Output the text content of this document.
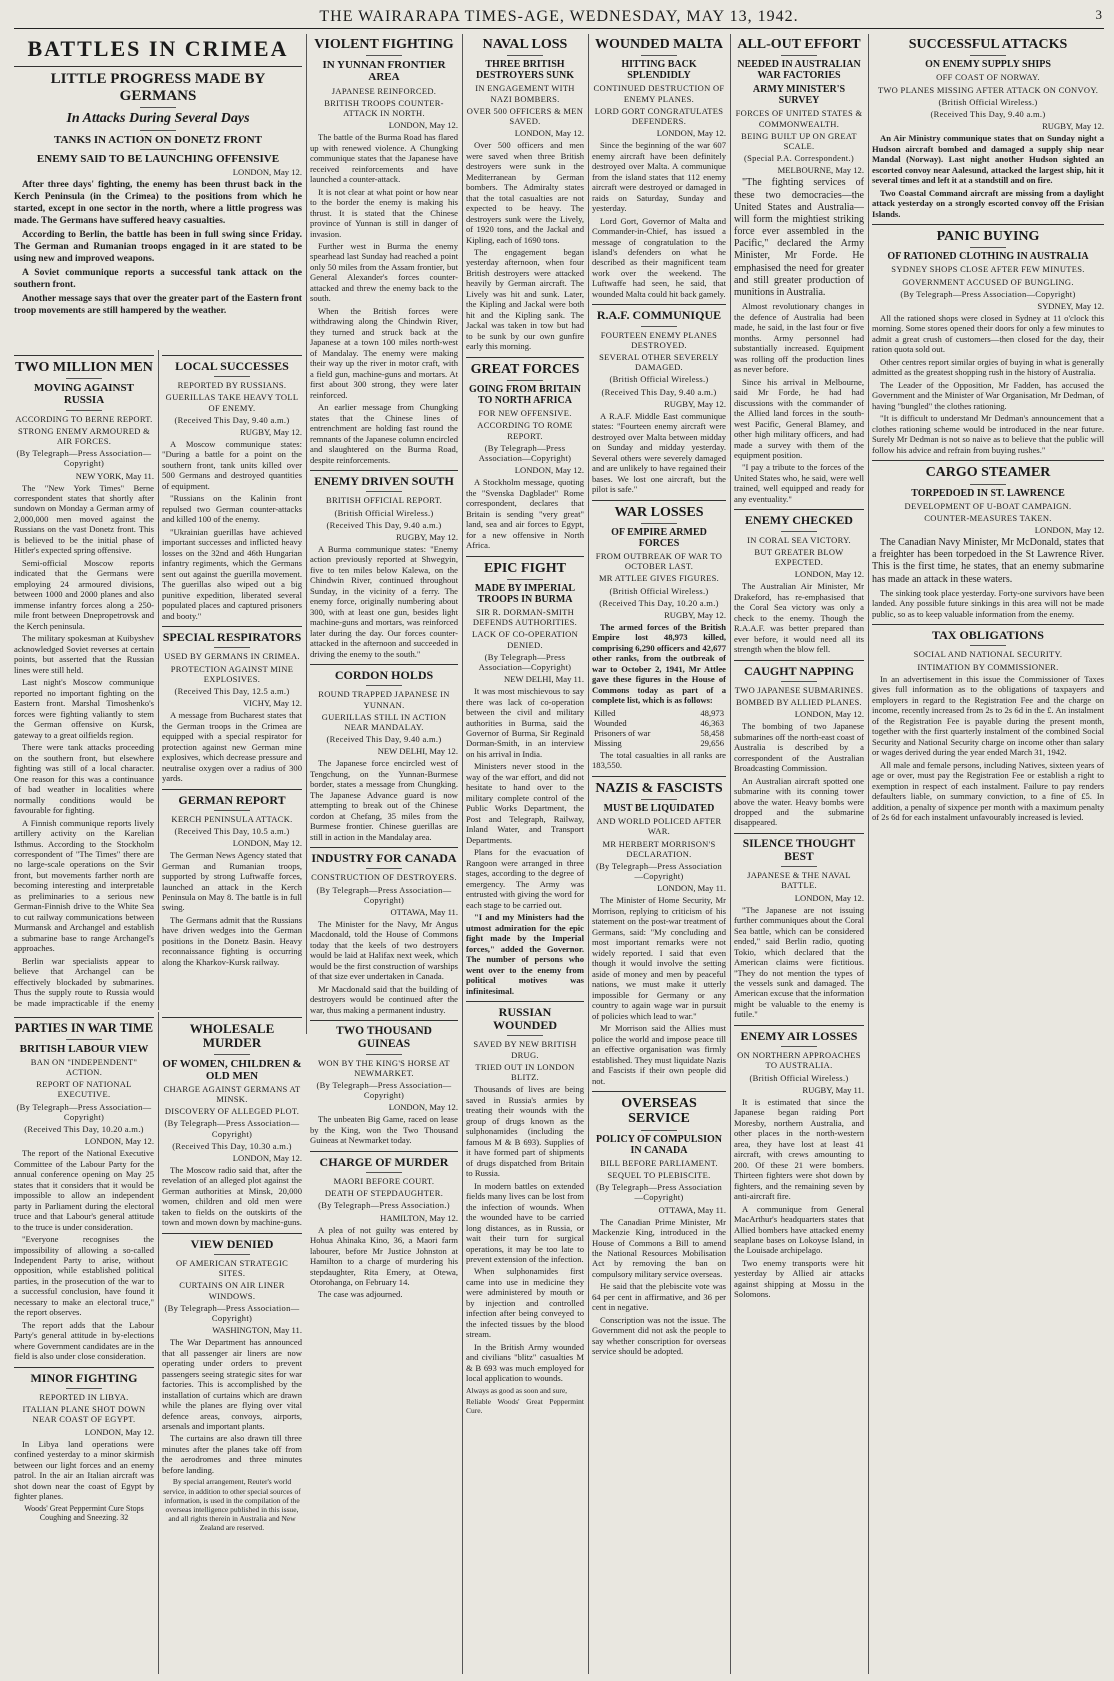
THE WAIRARAPA TIMES-AGE, WEDNESDAY, MAY 13, 1942.	3
BATTLES IN CRIMEA
LITTLE PROGRESS MADE BY GERMANS
In Attacks During Several Days
TANKS IN ACTION ON DONETZ FRONT
ENEMY SAID TO BE LAUNCHING OFFENSIVE
LONDON, May 12.

After three days' fighting, the enemy has been thrust back in the Kerch Peninsula (in the Crimea) to the positions from which he started, except in one sector in the north, where a little progress was made. The Germans have suffered heavy casualties.

According to Berlin, the battle has been in full swing since Friday. The German and Rumanian troops engaged in it are stated to be using new and improved weapons.

A Soviet communique reports a successful tank attack on the southern front.

Another message says that over the greater part of the Eastern front troop movements are still hampered by the weather.

TWO MILLION MEN
MOVING AGAINST RUSSIA
ACCORDING TO BERNE REPORT.
STRONG ENEMY ARMOURED & AIR FORCES.
(By Telegraph—Press Association—Copyright)
NEW YORK, May 11.

The "New York Times" Berne correspondent states that shortly after sundown on Monday a German army of 2,000,000 men moved against the Russians on the vast Donetz front. This is believed to be the initial phase of Hitler's expected spring offensive.

Semi-official Moscow reports indicated that the Germans were employing 24 armoured divisions, between 1000 and 2000 planes and also immense infantry forces along a 250-mile front between Dnepropetrovsk and the Kerch peninsula.

The military spokesman at Kuibyshev acknowledged Soviet reverses at certain points, but asserted that the Russian lines were still held.

Last night's Moscow communique reported no important fighting on the Eastern front. Marshal Timoshenko's forces were fighting valiantly to stem the German offensive on Kursk, gateway to a great oilfields region.

There were tank attacks proceeding on the southern front, but elsewhere fighting was still of a local character. One reason for this was a continuance of bad weather in localities where normally conditions would be favourable for fighting.

A Finnish communique reports lively artillery activity on the Karelian Isthmus. According to the Stockholm correspondent of "The Times" there are no large-scale operations on the Svir front, but movements farther north are becoming interesting and interpretable as preliminaries to a serious new German-Finnish drive to the White Sea to cut railway communications between Murmansk and Archangel and establish a submarine base to range Archangel's approaches.

Berlin war specialists appear to believe that Archangel can be effectively blockaded by submarines. Thus the supply route to Russia would be made impracticable if the enemy

LOCAL SUCCESSES
REPORTED BY RUSSIANS.
GUERILLAS TAKE HEAVY TOLL OF ENEMY.
(Received This Day, 9.40 a.m.)
RUGBY, May 12.

A Moscow communique states: "During a battle for a point on the southern front, tank units killed over 500 Germans and destroyed quantities of equipment.

"Russians on the Kalinin front repulsed two German counter-attacks and killed 100 of the enemy.

"Ukrainian guerillas have achieved important successes and inflicted heavy losses on the 32nd and 46th Hungarian infantry regiments, which the Germans sent out against the guerilla movement. The guerillas also wiped out a big punitive expedition, liberated several populated places and captured prisoners and booty."

SPECIAL RESPIRATORS
USED BY GERMANS IN CRIMEA.
PROTECTION AGAINST MINE EXPLOSIVES.
(Received This Day, 12.5 a.m.)
VICHY, May 12.

A message from Bucharest states that the German troops in the Crimea are equipped with a special respirator for protection against new German mine explosives, which decrease pressure and neutralise oxygen over a radius of 300 yards.

GERMAN REPORT
KERCH PENINSULA ATTACK.
(Received This Day, 10.5 a.m.)
LONDON, May 12.

The German News Agency stated that German and Rumanian troops, supported by strong Luftwaffe forces, launched an attack in the Kerch Peninsula on May 8. The battle is in full swing.

The Germans admit that the Russians have driven wedges into the German positions in the Donetz Basin. Heavy reconnaissance fighting is occurring along the Kharkov-Kursk railway.

PARTIES IN WAR TIME
BRITISH LABOUR VIEW
BAN ON "INDEPENDENT" ACTION.
REPORT OF NATIONAL EXECUTIVE.
(By Telegraph—Press Association—Copyright)
(Received This Day, 10.20 a.m.)
LONDON, May 12.

The report of the National Executive Committee of the Labour Party for the annual conference opening on May 25 states that it considers that it would be impossible to allow an independent party in Parliament during the electoral truce and that Labour's general attitude to the truce is under consideration.

"Everyone recognises the impossibility of allowing a so-called Independent Party to arise, without opposition, while established political parties, in the prosecution of the war to a successful conclusion, have found it necessary to make an electoral truce," the report observes.

The report adds that the Labour Party's general attitude in by-elections where Government candidates are in the field is also under close consideration.

MINOR FIGHTING
REPORTED IN LIBYA.
ITALIAN PLANE SHOT DOWN NEAR COAST OF EGYPT.
LONDON, May 12.

In Libya land operations were confined yesterday to a minor skirmish between our light forces and an enemy patrol. In the air an Italian aircraft was shot down near the coast of Egypt by fighter planes.

Woods' Great Peppermint Cure Stops Coughing and Sneezing. 32
WHOLESALE MURDER
OF WOMEN, CHILDREN & OLD MEN
CHARGE AGAINST GERMANS AT MINSK.
DISCOVERY OF ALLEGED PLOT.
(By Telegraph—Press Association—Copyright)
(Received This Day, 10.30 a.m.)
LONDON, May 12.

The Moscow radio said that, after the revelation of an alleged plot against the German authorities at Minsk, 20,000 women, children and old men were taken to fields on the outskirts of the town and mown down by machine-guns.

VIEW DENIED
OF AMERICAN STRATEGIC SITES.
CURTAINS ON AIR LINER WINDOWS.
(By Telegraph—Press Association—Copyright)
WASHINGTON, May 11.

The War Department has announced that all passenger air liners are now operating under orders to prevent passengers seeing strategic sites for war factories. This is accomplished by the installation of curtains which are drawn while the planes are flying over vital defence areas, convoys, airports, arsenals and important plants.

The curtains are also drawn till three minutes after the planes take off from the aerodromes and three minutes before landing.

By special arrangement, Reuter's world service, in addition to other special sources of information, is used in the compilation of the overseas intelligence published in this issue, and all rights therein in Australia and New Zealand are reserved.
VIOLENT FIGHTING
IN YUNNAN FRONTIER AREA
JAPANESE REINFORCED.
BRITISH TROOPS COUNTER-ATTACK IN NORTH.
LONDON, May 12.

The battle of the Burma Road has flared up with renewed violence. A Chungking communique states that the Japanese have received reinforcements and have launched a counter-attack.

It is not clear at what point or how near to the border the enemy is making his thrust. It is stated that the Chinese province of Yunnan is still in danger of invasion.

Further west in Burma the enemy spearhead last Sunday had reached a point only 50 miles from the Assam frontier, but General Alexander's forces counter-attacked and threw the enemy back to the south.

When the British forces were withdrawing along the Chindwin River, they turned and struck back at the Japanese at a town 100 miles north-west of Mandalay. The enemy were making their way up the river in motor craft, with a field gun, machine-guns and mortars. At first about 300 strong, they were later reinforced.

An earlier message from Chungking states that the Chinese lines of entrenchment are holding fast round the remnants of the Japanese column encircled and slaughtered on the Burma Road, despite reinforcements.

ENEMY DRIVEN SOUTH
BRITISH OFFICIAL REPORT.
(British Official Wireless.)
(Received This Day, 9.40 a.m.)
RUGBY, May 12.

A Burma communique states: "Enemy action previously reported at Shwegyin, five to ten miles below Kalewa, on the Chindwin River, continued throughout Sunday, in the vicinity of a ferry. The enemy force, originally numbering about 300, with at least one gun, besides light machine-guns and mortars, was reinforced later during the day. Our forces counter-attacked in the afternoon and succeeded in driving the enemy to the south."

CORDON HOLDS
ROUND TRAPPED JAPANESE IN YUNNAN.
GUERILLAS STILL IN ACTION NEAR MANDALAY.
(Received This Day, 9.40 a.m.)
NEW DELHI, May 12.

The Japanese force encircled west of Tengchung, on the Yunnan-Burmese border, states a message from Chungking. The Japanese Advance guard is now attempting to break out of the Chinese cordon at Chefang, 35 miles from the Burmese frontier. Chinese guerillas are still in action in the Mandalay area.

INDUSTRY FOR CANADA
CONSTRUCTION OF DESTROYERS.
(By Telegraph—Press Association—Copyright)
OTTAWA, May 11.

The Minister for the Navy, Mr Angus Macdonald, told the House of Commons today that the keels of two destroyers would be laid at Halifax next week, which would be the first construction of warships of that size ever undertaken in Canada.

Mr Macdonald said that the building of destroyers would be continued after the war, thus making a permanent industry.

TWO THOUSAND GUINEAS
WON BY THE KING'S HORSE AT NEWMARKET.
(By Telegraph—Press Association—Copyright)
LONDON, May 12.

The unbeaten Big Game, raced on lease by the King, won the Two Thousand Guineas at Newmarket today.

CHARGE OF MURDER
MAORI BEFORE COURT.
DEATH OF STEPDAUGHTER.
(By Telegraph—Press Association.)
HAMILTON, May 12.

A plea of not guilty was entered by Hohua Ahinaka Kino, 36, a Maori farm labourer, before Mr Justice Johnston at Hamilton to a charge of murdering his stepdaughter, Rita Emery, at Otewa, Otorohanga, on February 14.

The case was adjourned.

NAVAL LOSS
THREE BRITISH DESTROYERS SUNK
IN ENGAGEMENT WITH NAZI BOMBERS.
OVER 500 OFFICERS & MEN SAVED.
LONDON, May 12.

Over 500 officers and men were saved when three British destroyers were sunk in the Mediterranean by German bombers. The Admiralty states that the total casualties are not expected to be heavy. The destroyers sunk were the Lively, of 1920 tons, and the Jackal and Kipling, each of 1690 tons.

The engagement began yesterday afternoon, when four British destroyers were attacked heavily by German aircraft. The Lively was hit and sunk. Later, the Kipling and Jackal were both hit and the Kipling sank. The Jackal was taken in tow but had to be sunk by our own gunfire early this morning.

GREAT FORCES
GOING FROM BRITAIN TO NORTH AFRICA
FOR NEW OFFENSIVE.
ACCORDING TO ROME REPORT.
(By Telegraph—Press Association—Copyright)
LONDON, May 12.

A Stockholm message, quoting the "Svenska Dagbladet" Rome correspondent, declares that Britain is sending "very great" land, sea and air forces to Egypt, for a new offensive in North Africa.

EPIC FIGHT
MADE BY IMPERIAL TROOPS IN BURMA
SIR R. DORMAN-SMITH DEFENDS AUTHORITIES.
LACK OF CO-OPERATION DENIED.
(By Telegraph—Press Association—Copyright)
NEW DELHI, May 11.

It was most mischievous to say there was lack of co-operation between the civil and military authorities in Burma, said the Governor of Burma, Sir Reginald Dorman-Smith, in an interview on his arrival in India.

Ministers never stood in the way of the war effort, and did not hesitate to hand over to the military complete control of the Public Works Department, the Post and Telegraph, Railway, Inland Water, and Transport Departments.

Plans for the evacuation of Rangoon were arranged in three stages, according to the degree of emergency. The Army was entrusted with giving the word for each stage to be carried out.

"I and my Ministers had the utmost admiration for the epic fight made by the Imperial forces," added the Governor. The number of persons who went over to the enemy from political motives was infinitesimal.

RUSSIAN WOUNDED
SAVED BY NEW BRITISH DRUG.
TRIED OUT IN LONDON BLITZ.

Thousands of lives are being saved in Russia's armies by treating their wounds with the group of drugs known as the sulphonamides (including the famous M & B 693). Supplies of it have formed part of shipments of drugs dispatched from Britain to Russia.

In modern battles on extended fields many lives can be lost from the infection of wounds. When the wounded have to be carried long distances, as in Russia, or wait their turn for surgical operations, it may be too late to prevent extension of the infection.

When sulphonamides first came into use in medicine they were administered by mouth or by injection and controlled infection after being conveyed to the infected tissues by the blood stream.

In the British Army wounded and civilians "blitz" casualties M & B 693 was much employed for local application to wounds.

Always as good as soon and sure,
Reliable Woods' Great Peppermint Cure.
WOUNDED MALTA
HITTING BACK SPLENDIDLY
CONTINUED DESTRUCTION OF ENEMY PLANES.
LORD GORT CONGRATULATES DEFENDERS.
LONDON, May 12.

Since the beginning of the war 607 enemy aircraft have been definitely destroyed over Malta. A communique from the island states that 112 enemy aircraft were destroyed or damaged in raids on Saturday, Sunday and yesterday.

Lord Gort, Governor of Malta and Commander-in-Chief, has issued a message of congratulation to the island's defenders on what he described as their magnificent team work over the weekend. The Luftwaffe had seen, he said, that wounded Malta could hit back gamely.

R.A.F. COMMUNIQUE
FOURTEEN ENEMY PLANES DESTROYED.
SEVERAL OTHER SEVERELY DAMAGED.
(British Official Wireless.)
(Received This Day, 9.40 a.m.)
RUGBY, May 12.

A R.A.F. Middle East communique states: "Fourteen enemy aircraft were destroyed over Malta between midday on Sunday and midday yesterday. Several others were severely damaged and are unlikely to have regained their bases. We lost one aircraft, but the pilot is safe."

WAR LOSSES
OF EMPIRE ARMED FORCES
FROM OUTBREAK OF WAR TO OCTOBER LAST.
MR ATTLEE GIVES FIGURES.
(British Official Wireless.)
(Received This Day, 10.20 a.m.)
RUGBY, May 12.

The armed forces of the British Empire lost 48,973 killed, comprising 6,290 officers and 42,677 other ranks, from the outbreak of war to October 2, 1941, Mr Attlee gave these figures in the House of Commons today as part of a complete list, which is as follows:

Killed	48,973
Wounded	46,363
Prisoners of war	58,458
Missing	29,656

The total casualties in all ranks are 183,550.

NAZIS & FASCISTS
MUST BE LIQUIDATED
AND WORLD POLICED AFTER WAR.
MR HERBERT MORRISON'S DECLARATION.
(By Telegraph—Press Association—Copyright)
LONDON, May 11.

The Minister of Home Security, Mr Morrison, replying to criticism of his statement on the post-war treatment of Germans, said: "My concluding and most important remarks were not widely reported. I said that even though it would involve the setting aside of money and men by peaceful nations, we must make it utterly impossible for Germany or any country to again wage war in pursuit of policies which lead to war."

Mr Morrison said the Allies must police the world and impose peace till an effective organisation was firmly established. They must liquidate Nazis and Fascists if their own people did not.

OVERSEAS SERVICE
POLICY OF COMPULSION IN CANADA
BILL BEFORE PARLIAMENT.
SEQUEL TO PLEBISCITE.
(By Telegraph—Press Association—Copyright)
OTTAWA, May 11.

The Canadian Prime Minister, Mr Mackenzie King, introduced in the House of Commons a Bill to amend the National Resources Mobilisation Act by removing the ban on compulsory military service overseas.

He said that the plebiscite vote was 64 per cent in affirmative, and 36 per cent in negative.

Conscription was not the issue. The Government did not ask the people to say whether conscription for overseas service should be adopted.

ALL-OUT EFFORT
NEEDED IN AUSTRALIAN WAR FACTORIES
ARMY MINISTER'S SURVEY
FORCES OF UNITED STATES & COMMONWEALTH.
BEING BUILT UP ON GREAT SCALE.
(Special P.A. Correspondent.)
MELBOURNE, May 12.

"The fighting services of these two democracies—the United States and Australia—will form the mightiest striking force ever assembled in the Pacific," declared the Army Minister, Mr Forde. He emphasised the need for greater and still greater production of munitions in Australia.

Almost revolutionary changes in the defence of Australia had been made, he said, in the last four or five months. Army personnel had substantially increased. Equipment was rolling off the production lines as never before.

Since his arrival in Melbourne, said Mr Forde, he had had discussions with the commander of the Allied land forces in the south-west Pacific, General Blamey, and other high military officers, and had made a survey with them of the equipment position.

"I pay a tribute to the forces of the United States who, he said, were well trained, well equipped and ready for any eventuality."

ENEMY CHECKED
IN CORAL SEA VICTORY.
BUT GREATER BLOW EXPECTED.
LONDON, May 12.

The Australian Air Minister, Mr Drakeford, has re-emphasised that the Coral Sea victory was only a check to the enemy. Though the R.A.A.F. was better prepared than ever before, it would need all its strength when the blow fell.

CAUGHT NAPPING
TWO JAPANESE SUBMARINES.
BOMBED BY ALLIED PLANES.
LONDON, May 12.

The bombing of two Japanese submarines off the north-east coast of Australia is described by a correspondent of the Australian Broadcasting Commission.

An Australian aircraft spotted one submarine with its conning tower above the water. Heavy bombs were dropped and the submarine disappeared.

SILENCE THOUGHT BEST
JAPANESE & THE NAVAL BATTLE.
LONDON, May 12.

"The Japanese are not issuing further communiques about the Coral Sea battle, which can be considered ended," said Berlin radio, quoting Tokio, which declared that the American claims were fictitious. "They do not mention the types of the vessels sunk and damaged. The American excuse that the information might be valuable to the enemy is futile."

ENEMY AIR LOSSES
ON NORTHERN APPROACHES TO AUSTRALIA.
(British Official Wireless.)
RUGBY, May 11.

It is estimated that since the Japanese began raiding Port Moresby, northern Australia, and other places in the north-western area, they have lost at least 41 aircraft, with crews amounting to 200. Of these 21 were bombers. Thirteen fighters were shot down by fighters, and the remaining seven by anti-aircraft fire.

A communique from General MacArthur's headquarters states that Allied bombers have attacked enemy seaplane bases on Lokoyse Island, in the Louisade archipelago.

Two enemy transports were hit yesterday by Allied air attacks against shipping at Mossu in the Solomons.

SUCCESSFUL ATTACKS
ON ENEMY SUPPLY SHIPS
OFF COAST OF NORWAY.
TWO PLANES MISSING AFTER ATTACK ON CONVOY.
(British Official Wireless.)
(Received This Day, 9.40 a.m.)
RUGBY, May 12.

An Air Ministry communique states that on Sunday night a Hudson aircraft bombed and damaged a supply ship near Mandal (Norway). Last night another Hudson sighted an escorted convoy near Aalesund, attacked the largest ship, hit it several times and left it at a standstill and on fire.

Two Coastal Command aircraft are missing from a daylight attack yesterday on a strongly escorted convoy off the Frisian Islands.

PANIC BUYING
OF RATIONED CLOTHING IN AUSTRALIA
SYDNEY SHOPS CLOSE AFTER FEW MINUTES.
GOVERNMENT ACCUSED OF BUNGLING.
(By Telegraph—Press Association—Copyright)
SYDNEY, May 12.

All the rationed shops were closed in Sydney at 11 o'clock this morning. Some stores opened their doors for only a few minutes to admit a great crush of customers—then closed for the day, their ration quota sold out.

Other centres report similar orgies of buying in what is generally admitted as the greatest shopping rush in the history of Australia.

The Leader of the Opposition, Mr Fadden, has accused the Government and the Minister of War Organisation, Mr Dedman, of having "bungled" the clothes rationing.

"It is difficult to understand Mr Dedman's announcement that a clothes rationing scheme would be introduced in the near future. Surely Mr Dedman is not so naive as to believe that the public will follow his advice and refrain from buying rushes."

CARGO STEAMER
TORPEDOED IN ST. LAWRENCE
DEVELOPMENT OF U-BOAT CAMPAIGN.
COUNTER-MEASURES TAKEN.
LONDON, May 12.

The Canadian Navy Minister, Mr McDonald, states that a freighter has been torpedoed in the St Lawrence River. This is the first time, he states, that an enemy submarine has made an attack in these waters.

The sinking took place yesterday. Forty-one survivors have been landed. Any possible future sinkings in this area will not be made public, so as to keep valuable information from the enemy.

TAX OBLIGATIONS
SOCIAL AND NATIONAL SECURITY.
INTIMATION BY COMMISSIONER.

In an advertisement in this issue the Commissioner of Taxes gives full information as to the obligations of taxpayers and employers in regard to the Registration Fee and the charge on income, recently increased from 2s to 2s 6d in the £. An instalment of the Registration Fee is payable during the present month, together with the first quarterly instalment of the combined Social Security and National Security charge on income other than salary or wages derived during the year ended March 31, 1942.

All male and female persons, including Natives, sixteen years of age or over, must pay the Registration Fee or establish a right to exemption in respect of each instalment. Failure to pay renders defaulters liable, on summary conviction, to a fine of £5. In addition, a penalty of sixpence per month with a maximum penalty of 2s 6d for each instalment unfavourably increased is levied.
